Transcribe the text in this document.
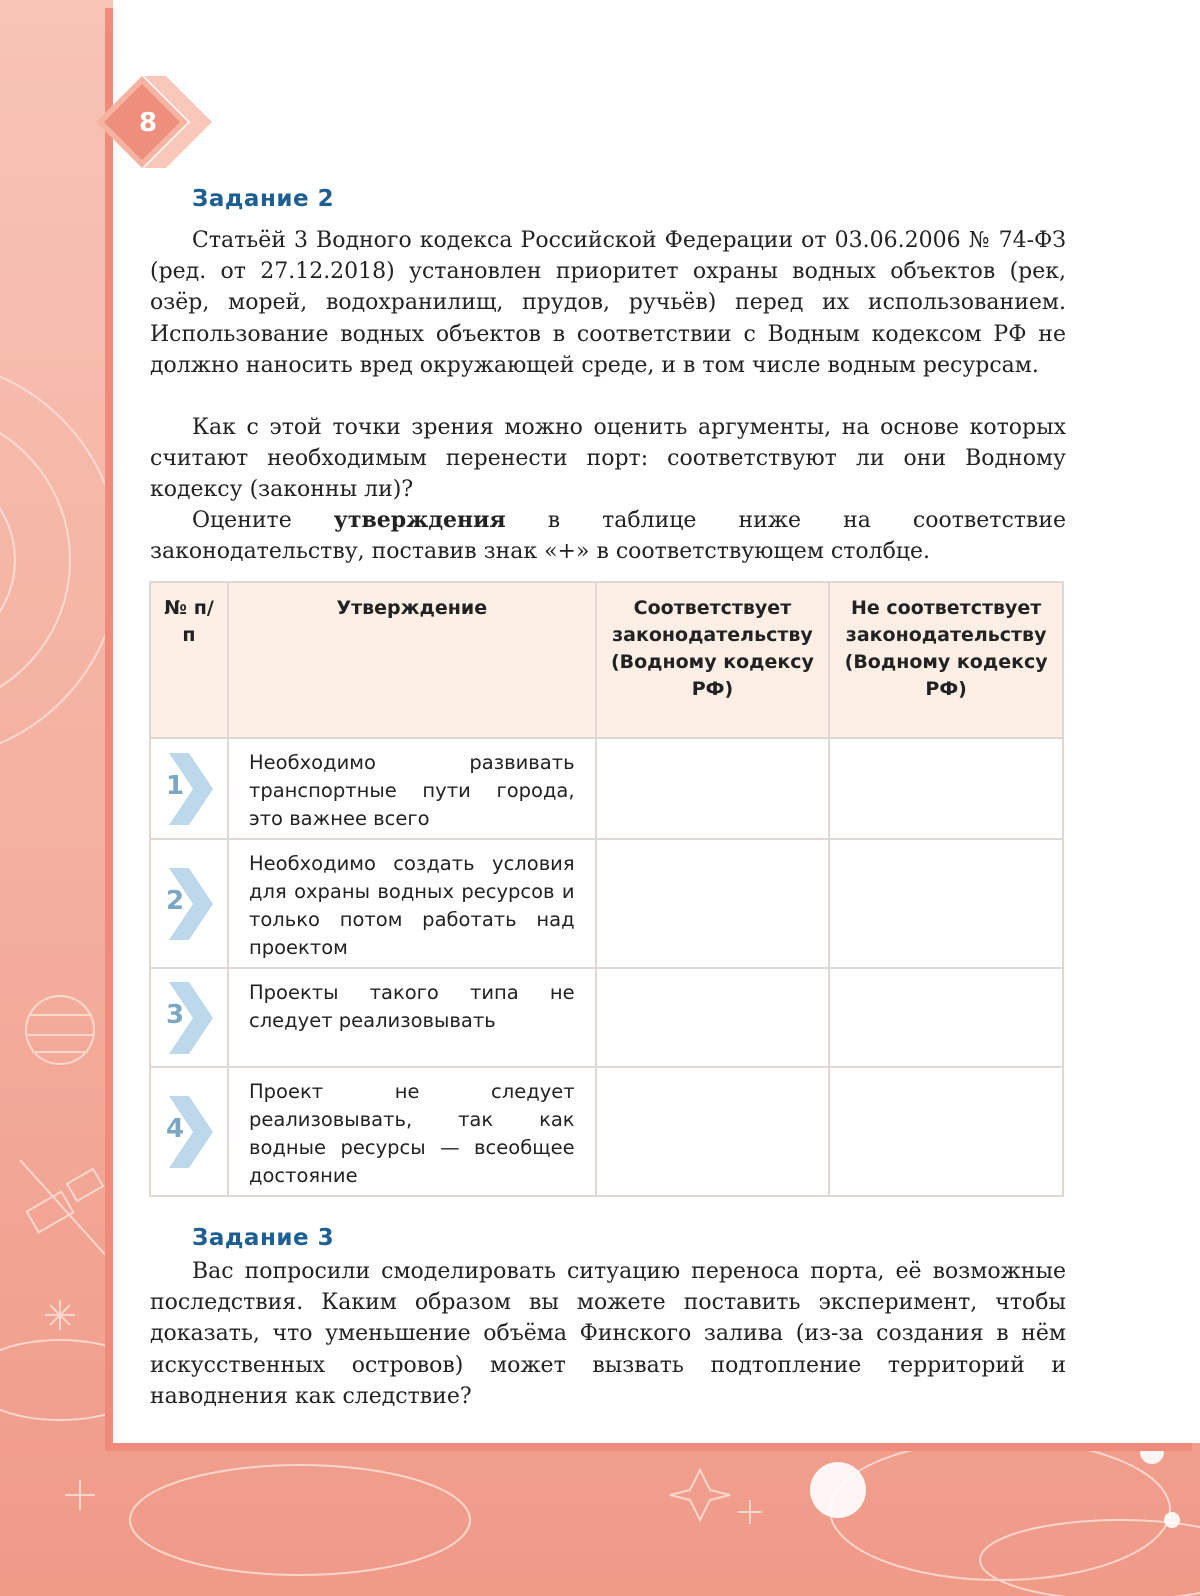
8
Задание 2

Статьёй 3 Водного кодекса Российской Федерации от 03.06.2006 № 74-ФЗ (ред. от 27.12.2018) установлен приоритет охраны водных объектов (рек, озёр, морей, водохранилищ, прудов, ручьёв) перед их использованием. Использование водных объектов в соответствии с Водным кодексом РФ не должно наносить вред окружающей среде, и в том числе водным ресурсам.

Как с этой точки зрения можно оценить аргументы, на основе которых считают необходимым перенести порт: соответствуют ли они Водному кодексу (законны ли)?

Оцените утверждения в таблице ниже на соответствие законодательству, поставив знак «+» в соответствующем столбце.

№ п/п	Утверждение	Соответствует законодательству (Водному кодексу РФ)	Не соответствует законодательству (Водному кодексу РФ)

1	Необходимо развивать транспортные пути города, это важнее всего		

2	Необходимо создать условия для охраны водных ресурсов и только потом работать над проектом		

3	Проекты такого типа не следует реализовывать		

4	Проект не следует реализовывать, так как водные ресурсы — всеобщее достояние		
Задание 3

Вас попросили смоделировать ситуацию переноса порта, её возможные последствия. Каким образом вы можете поставить эксперимент, чтобы доказать, что уменьшение объёма Финского залива (из-за создания в нём искусственных островов) может вызвать подтопление территорий и наводнения как следствие?
